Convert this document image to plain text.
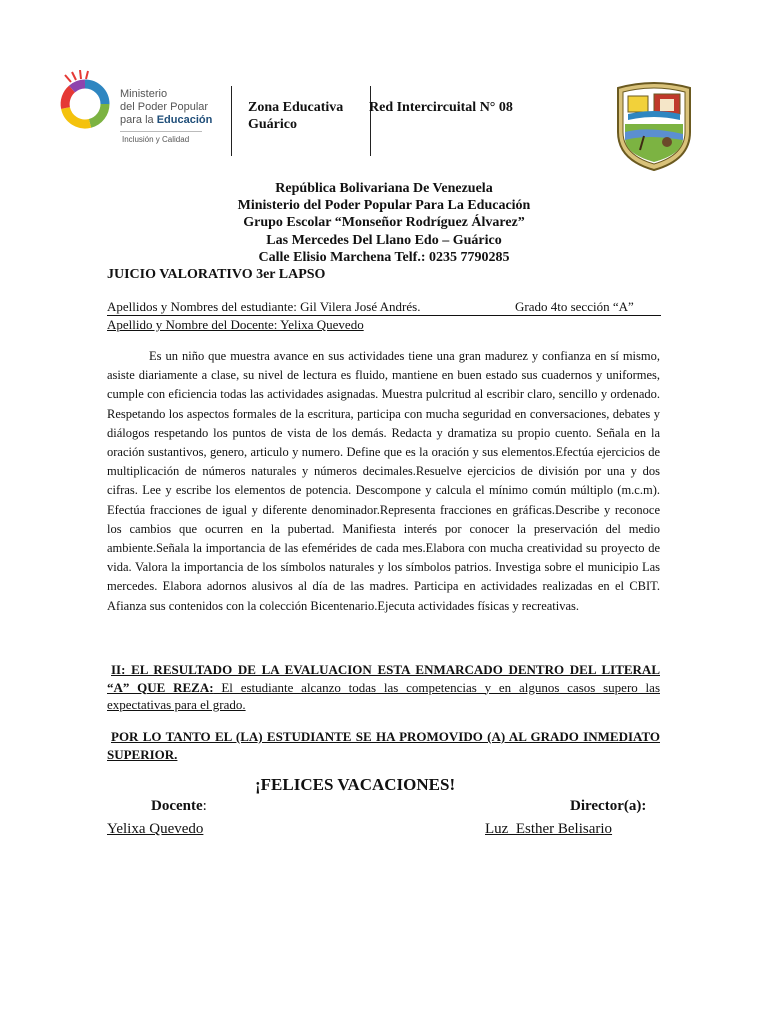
Ministerio
del Poder Popular
para la Educación
Inclusión y Calidad
Zona Educativa
Guárico
Red Intercircuital N° 08
República Bolivariana De Venezuela
Ministerio del Poder Popular Para La Educación
Grupo Escolar “Monseñor Rodríguez Álvarez”
Las Mercedes Del Llano Edo – Guárico
Calle Elisio Marchena Telf.: 0235 7790285
JUICIO VALORATIVO 3er LAPSO
Apellidos y Nombres del estudiante: Gil Vilera José Andrés.	Grado 4to sección “A”
Apellido y Nombre del Docente: Yelixa Quevedo
Es un niño que muestra avance en sus actividades tiene una gran madurez y confianza en sí mismo, asiste diariamente a clase, su nivel de lectura es fluido, mantiene en buen estado sus cuadernos y uniformes, cumple con eficiencia todas las actividades asignadas. Muestra pulcritud al escribir claro, sencillo y ordenado. Respetando los aspectos formales de la escritura, participa con mucha seguridad en conversaciones, debates y diálogos respetando los puntos de vista de los demás. Redacta y dramatiza su propio cuento. Señala en la oración sustantivos, genero, articulo y numero. Define que es la oración y sus elementos.Efectúa ejercicios de multiplicación de números naturales y números decimales.Resuelve ejercicios de división por una y dos cifras. Lee y escribe los elementos de potencia. Descompone y calcula el mínimo común múltiplo (m.c.m). Efectúa fracciones de igual y diferente denominador.Representa fracciones en gráficas.Describe y reconoce los cambios que ocurren en la pubertad. Manifiesta interés por conocer la preservación del medio ambiente.Señala la importancia de las efemérides de cada mes.Elabora con mucha creatividad su proyecto de vida. Valora la importancia de los símbolos naturales y los símbolos patrios. Investiga sobre el municipio Las mercedes. Elabora adornos alusivos al día de las madres. Participa en actividades realizadas en el CBIT. Afianza sus contenidos con la colección Bicentenario.Ejecuta actividades físicas y recreativas.
II: EL RESULTADO DE LA EVALUACION ESTA ENMARCADO DENTRO DEL LITERAL “A” QUE REZA: El estudiante alcanzo todas las competencias y en algunos casos supero las expectativas para el grado.
POR LO TANTO EL (LA) ESTUDIANTE SE HA PROMOVIDO (A) AL GRADO INMEDIATO SUPERIOR.
¡FELICES VACACIONES!
Docente:	Director(a):
Yelixa Quevedo	Luz  Esther Belisario
